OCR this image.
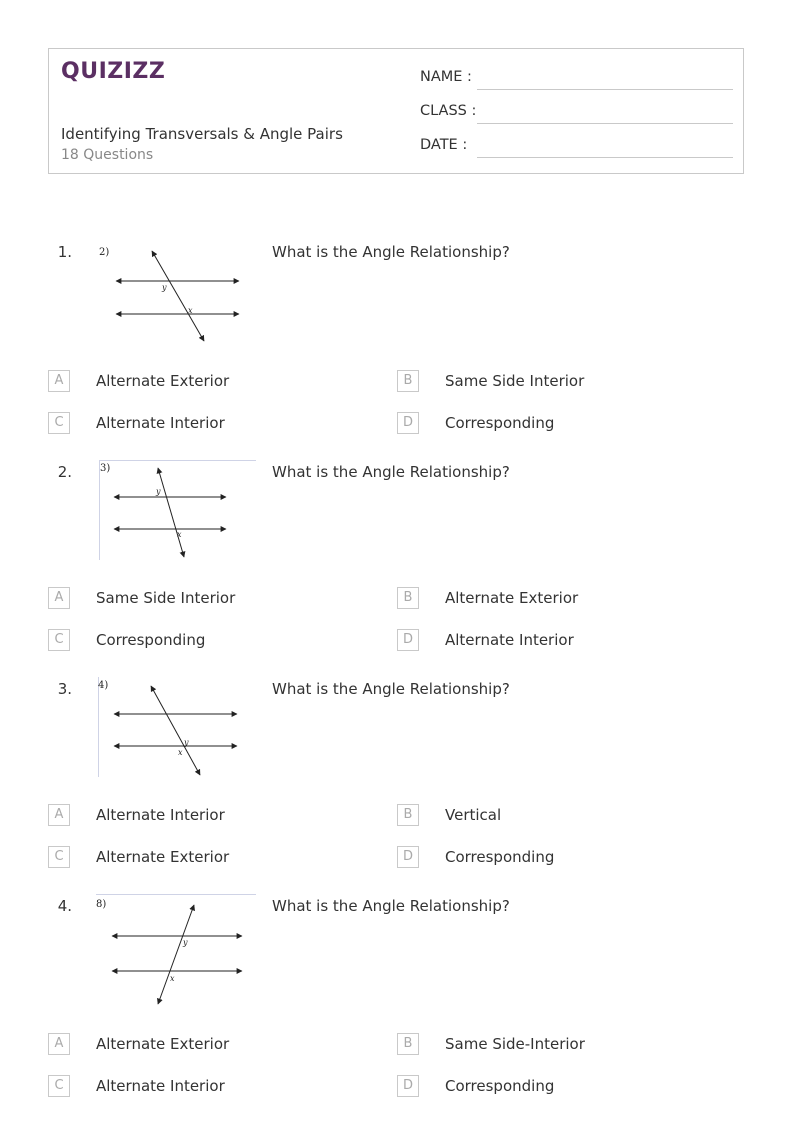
QUIZIZZ
Identifying Transversals & Angle Pairs
18 Questions
NAME :
CLASS :
DATE :
1.	2)
y
x
What is the Angle Relationship?
A	Alternate Exterior	B	Same Side Interior
C	Alternate Interior	D	Corresponding
2.	3)
y
x
What is the Angle Relationship?
A	Same Side Interior	B	Alternate Exterior
C	Corresponding	D	Alternate Interior
3.	4)
y
x
What is the Angle Relationship?
A	Alternate Interior	B	Vertical
C	Alternate Exterior	D	Corresponding
4. 8)
y
x
What is the Angle Relationship?
A	Alternate Exterior	B	Same Side-Interior
C	Alternate Interior	D	Corresponding
